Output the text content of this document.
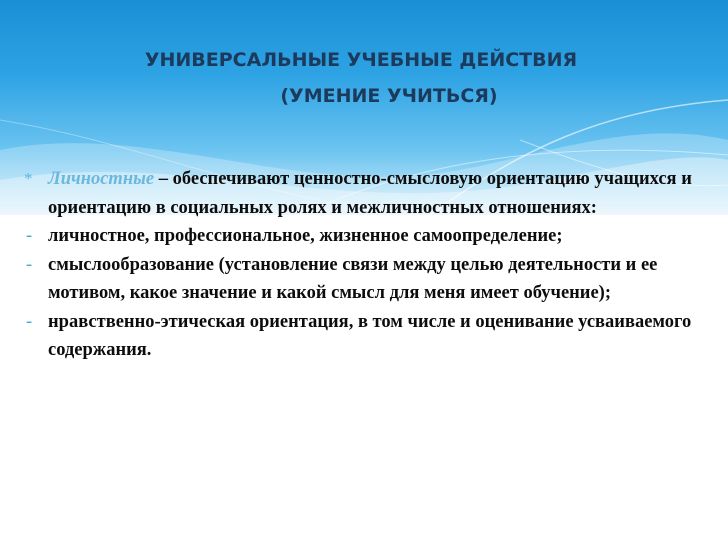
УНИВЕРСАЛЬНЫЕ УЧЕБНЫЕ ДЕЙСТВИЯ
(УМЕНИЕ УЧИТЬСЯ)
* Личностные – обеспечивают ценностно-смысловую ориентацию учащихся и ориентацию в социальных ролях и межличностных отношениях:
- личностное, профессиональное, жизненное самоопределение;
- смыслообразование (установление связи между целью деятельности и ее мотивом, какое значение и какой смысл для меня имеет обучение);
- нравственно-этическая ориентация, в том числе и оценивание усваиваемого содержания.
